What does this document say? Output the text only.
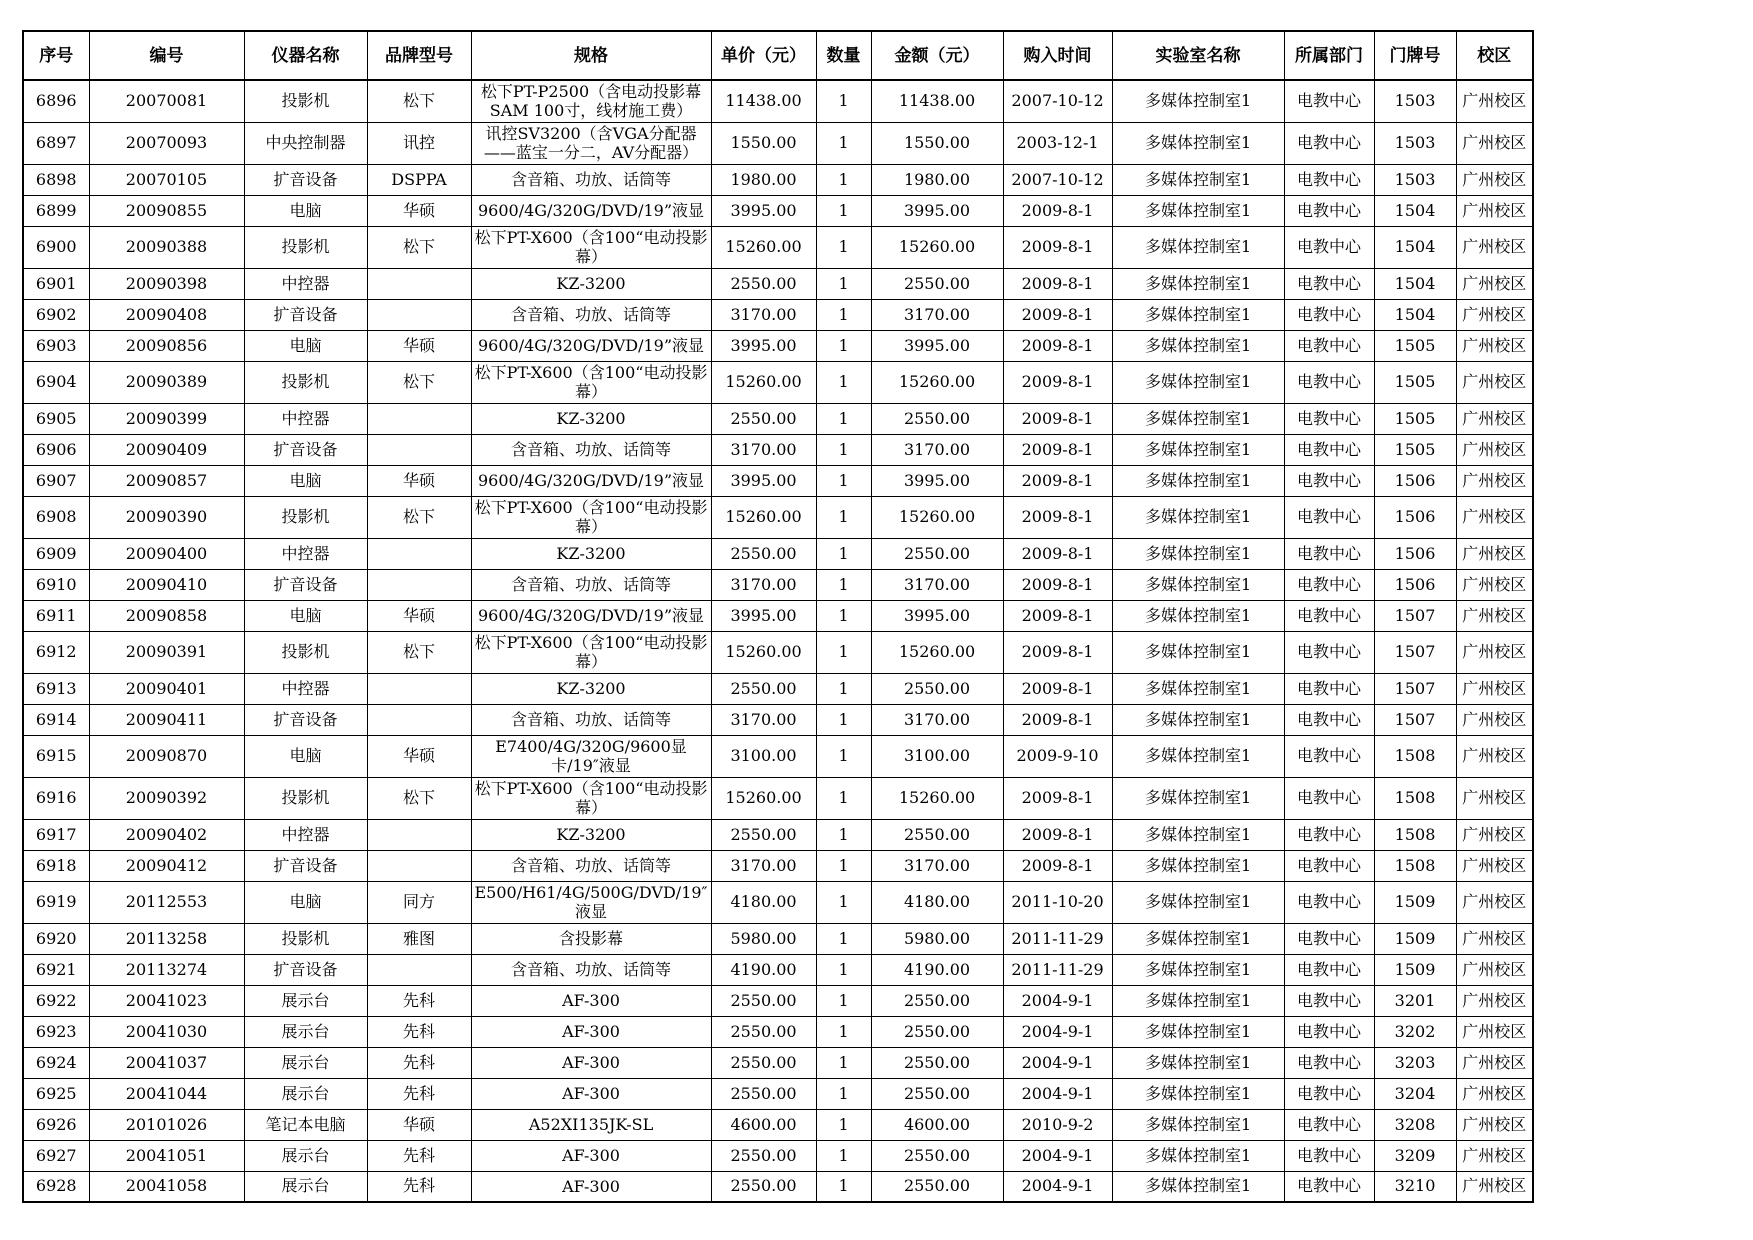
序号	编号	仪器名称	品牌型号	规格	单价（元）	数量	金额（元）	购入时间	实验室名称	所属部门	门牌号	校区
6896	20070081	投影机	松下	松下PT-P2500（含电动投影幕SAM 100寸，线材施工费）	11438.00	1	11438.00	2007-10-12	多媒体控制室1	电教中心	1503	广州校区
6897	20070093	中央控制器	讯控	讯控SV3200（含VGA分配器——蓝宝一分二，AV分配器）	1550.00	1	1550.00	2003-12-1	多媒体控制室1	电教中心	1503	广州校区
6898	20070105	扩音设备	DSPPA	含音箱、功放、话筒等	1980.00	1	1980.00	2007-10-12	多媒体控制室1	电教中心	1503	广州校区
6899	20090855	电脑	华硕	9600/4G/320G/DVD/19”液显	3995.00	1	3995.00	2009-8-1	多媒体控制室1	电教中心	1504	广州校区
6900	20090388	投影机	松下	松下PT-X600（含100“电动投影幕）	15260.00	1	15260.00	2009-8-1	多媒体控制室1	电教中心	1504	广州校区
6901	20090398	中控器		KZ-3200	2550.00	1	2550.00	2009-8-1	多媒体控制室1	电教中心	1504	广州校区
6902	20090408	扩音设备		含音箱、功放、话筒等	3170.00	1	3170.00	2009-8-1	多媒体控制室1	电教中心	1504	广州校区
6903	20090856	电脑	华硕	9600/4G/320G/DVD/19”液显	3995.00	1	3995.00	2009-8-1	多媒体控制室1	电教中心	1505	广州校区
6904	20090389	投影机	松下	松下PT-X600（含100“电动投影幕）	15260.00	1	15260.00	2009-8-1	多媒体控制室1	电教中心	1505	广州校区
6905	20090399	中控器		KZ-3200	2550.00	1	2550.00	2009-8-1	多媒体控制室1	电教中心	1505	广州校区
6906	20090409	扩音设备		含音箱、功放、话筒等	3170.00	1	3170.00	2009-8-1	多媒体控制室1	电教中心	1505	广州校区
6907	20090857	电脑	华硕	9600/4G/320G/DVD/19”液显	3995.00	1	3995.00	2009-8-1	多媒体控制室1	电教中心	1506	广州校区
6908	20090390	投影机	松下	松下PT-X600（含100“电动投影幕）	15260.00	1	15260.00	2009-8-1	多媒体控制室1	电教中心	1506	广州校区
6909	20090400	中控器		KZ-3200	2550.00	1	2550.00	2009-8-1	多媒体控制室1	电教中心	1506	广州校区
6910	20090410	扩音设备		含音箱、功放、话筒等	3170.00	1	3170.00	2009-8-1	多媒体控制室1	电教中心	1506	广州校区
6911	20090858	电脑	华硕	9600/4G/320G/DVD/19”液显	3995.00	1	3995.00	2009-8-1	多媒体控制室1	电教中心	1507	广州校区
6912	20090391	投影机	松下	松下PT-X600（含100“电动投影幕）	15260.00	1	15260.00	2009-8-1	多媒体控制室1	电教中心	1507	广州校区
6913	20090401	中控器		KZ-3200	2550.00	1	2550.00	2009-8-1	多媒体控制室1	电教中心	1507	广州校区
6914	20090411	扩音设备		含音箱、功放、话筒等	3170.00	1	3170.00	2009-8-1	多媒体控制室1	电教中心	1507	广州校区
6915	20090870	电脑	华硕	E7400/4G/320G/9600显卡/19″液显	3100.00	1	3100.00	2009-9-10	多媒体控制室1	电教中心	1508	广州校区
6916	20090392	投影机	松下	松下PT-X600（含100“电动投影幕）	15260.00	1	15260.00	2009-8-1	多媒体控制室1	电教中心	1508	广州校区
6917	20090402	中控器		KZ-3200	2550.00	1	2550.00	2009-8-1	多媒体控制室1	电教中心	1508	广州校区
6918	20090412	扩音设备		含音箱、功放、话筒等	3170.00	1	3170.00	2009-8-1	多媒体控制室1	电教中心	1508	广州校区
6919	20112553	电脑	同方	E500/H61/4G/500G/DVD/19″液显	4180.00	1	4180.00	2011-10-20	多媒体控制室1	电教中心	1509	广州校区
6920	20113258	投影机	雅图	含投影幕	5980.00	1	5980.00	2011-11-29	多媒体控制室1	电教中心	1509	广州校区
6921	20113274	扩音设备		含音箱、功放、话筒等	4190.00	1	4190.00	2011-11-29	多媒体控制室1	电教中心	1509	广州校区
6922	20041023	展示台	先科	AF-300	2550.00	1	2550.00	2004-9-1	多媒体控制室1	电教中心	3201	广州校区
6923	20041030	展示台	先科	AF-300	2550.00	1	2550.00	2004-9-1	多媒体控制室1	电教中心	3202	广州校区
6924	20041037	展示台	先科	AF-300	2550.00	1	2550.00	2004-9-1	多媒体控制室1	电教中心	3203	广州校区
6925	20041044	展示台	先科	AF-300	2550.00	1	2550.00	2004-9-1	多媒体控制室1	电教中心	3204	广州校区
6926	20101026	笔记本电脑	华硕	A52XI135JK-SL	4600.00	1	4600.00	2010-9-2	多媒体控制室1	电教中心	3208	广州校区
6927	20041051	展示台	先科	AF-300	2550.00	1	2550.00	2004-9-1	多媒体控制室1	电教中心	3209	广州校区
6928	20041058	展示台	先科	AF-300	2550.00	1	2550.00	2004-9-1	多媒体控制室1	电教中心	3210	广州校区
